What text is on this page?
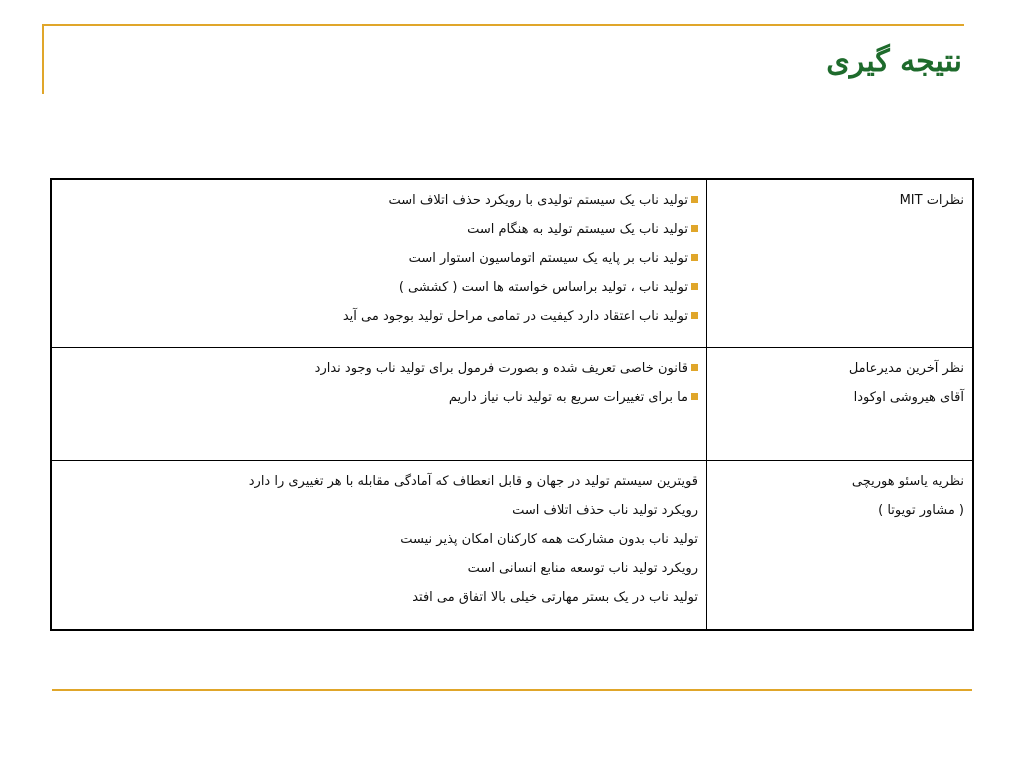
نتیجه گیری
نظرات MIT	تولید ناب یک سیستم تولیدی با رویکرد حذف اتلاف است
تولید ناب یک سیستم تولید به هنگام است
تولید ناب بر پایه یک سیستم اتوماسیون استوار است
تولید ناب ، تولید براساس خواسته ها است ( کششی )
تولید ناب اعتقاد دارد کیفیت در تمامی مراحل تولید بوجود می آید

نظر آخرین مدیرعامل
آقای هیروشی اوکودا	قانون خاصی تعریف شده و بصورت فرمول برای تولید ناب وجود ندارد
ما برای تغییرات سریع به تولید ناب نیاز داریم

نظریه یاسئو هوریچی
( مشاور تویوتا )	قویترین سیستم تولید در جهان و قابل انعطاف که آمادگی مقابله با هر تغییری را دارد
رویکرد تولید ناب حذف اتلاف است
تولید ناب بدون مشارکت همه کارکنان امکان پذیر نیست
رویکرد تولید ناب توسعه منابع انسانی است
تولید ناب در یک بستر مهارتی خیلی بالا اتفاق می افتد
